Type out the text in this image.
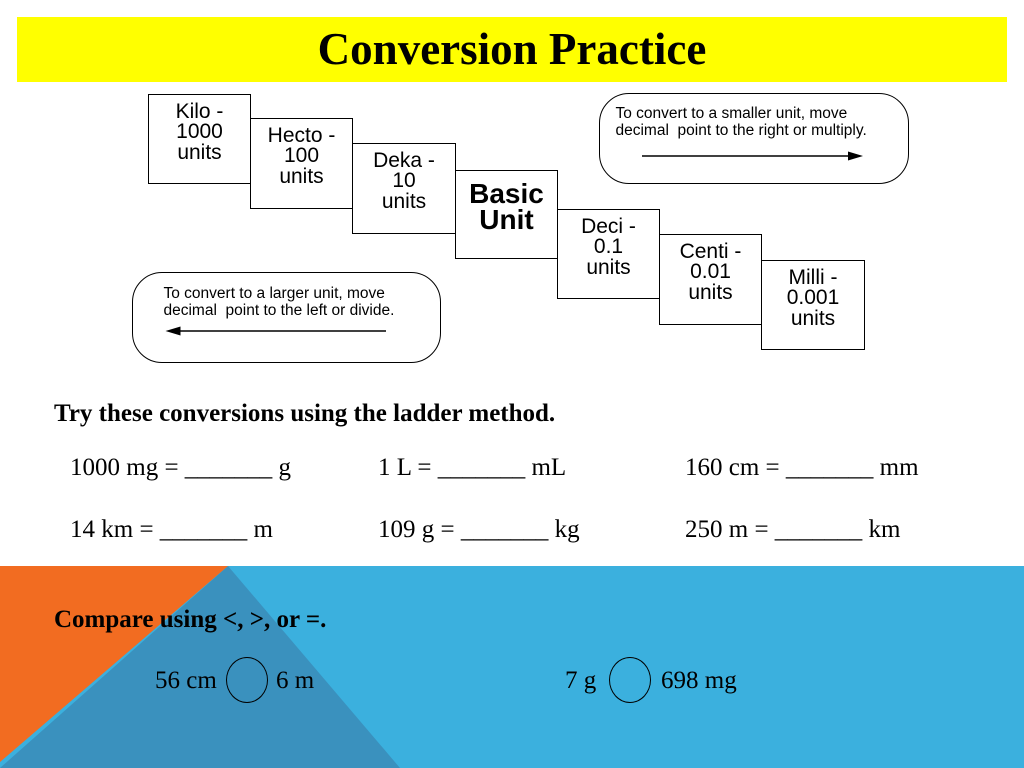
Conversion Practice
Kilo -
1000
units
Hecto -
100
units
Deka -
10
units	Basic
Unit	Deci -
0.1
units
Centi -
0.01
units
Milli -
0.001
units
To convert to a smaller unit, move
decimal  point to the right or multiply.
To convert to a larger unit, move
decimal  point to the left or divide.
Try these conversions using the ladder method.
1000 mg = _______ g	1 L = _______ mL	160 cm = _______ mm
14 km = _______ m	109 g = _______ kg	250 m = _______ km
Compare using <, >, or =.
56 cm 6 m	7 g	698 mg
